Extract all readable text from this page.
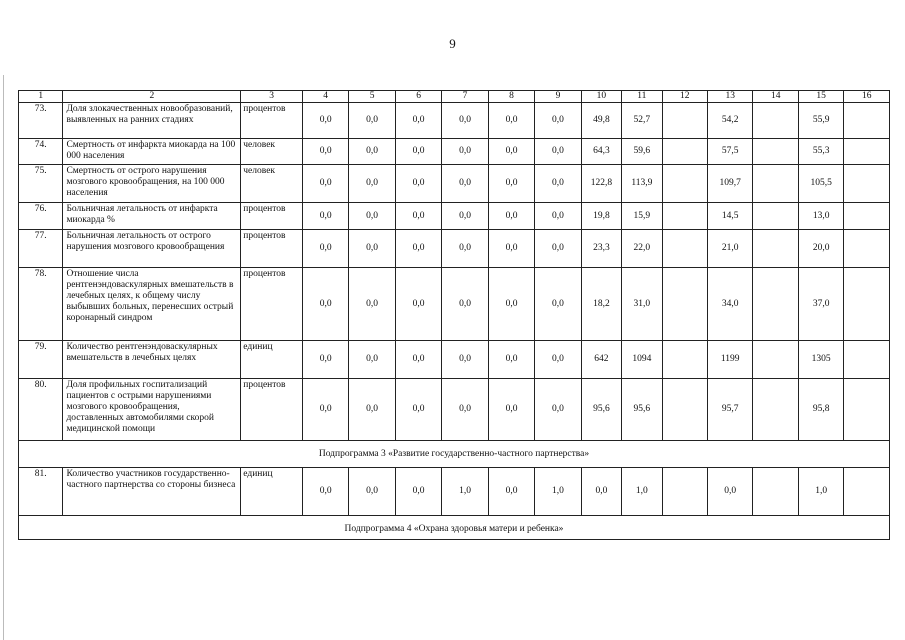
9
1	2	3	4	5	6	7	8	9	10	11	12	13	14	15	16
73.	Доля злокачественных новообразований, выявленных на ранних стадиях	процентов	0,0	0,0	0,0	0,0	0,0	0,0	49,8	52,7		54,2		55,9	
74.	Смертность от инфаркта миокарда на 100 000 населения	человек	0,0	0,0	0,0	0,0	0,0	0,0	64,3	59,6		57,5		55,3	
75.	Смертность от острого нарушения мозгового кровообращения, на 100 000 населения	человек	0,0	0,0	0,0	0,0	0,0	0,0	122,8	113,9		109,7		105,5	
76.	Больничная летальность от инфаркта миокарда %	процентов	0,0	0,0	0,0	0,0	0,0	0,0	19,8	15,9		14,5		13,0	
77.	Больничная летальность от острого нарушения мозгового кровообращения	процентов	0,0	0,0	0,0	0,0	0,0	0,0	23,3	22,0		21,0		20,0	
78.	Отношение числа рентгенэндоваскулярных вмешательств в лечебных целях, к общему числу выбывших больных, перенесших острый коронарный синдром	процентов	0,0	0,0	0,0	0,0	0,0	0,0	18,2	31,0		34,0		37,0	
79.	Количество рентгенэндоваскулярных вмешательств в лечебных целях	единиц	0,0	0,0	0,0	0,0	0,0	0,0	642	1094		1199		1305	
80.	Доля профильных госпитализаций пациентов с острыми нарушениями мозгового кровообращения, доставленных автомобилями скорой медицинской помощи	процентов	0,0	0,0	0,0	0,0	0,0	0,0	95,6	95,6		95,7		95,8	
Подпрограмма 3 «Развитие государственно-частного партнерства»															
81.	Количество участников государственно-частного партнерства со стороны бизнеса	единиц	0,0	0,0	0,0	1,0	0,0	1,0	0,0	1,0		0,0		1,0	
Подпрограмма 4 «Охрана здоровья матери и ребенка»															
